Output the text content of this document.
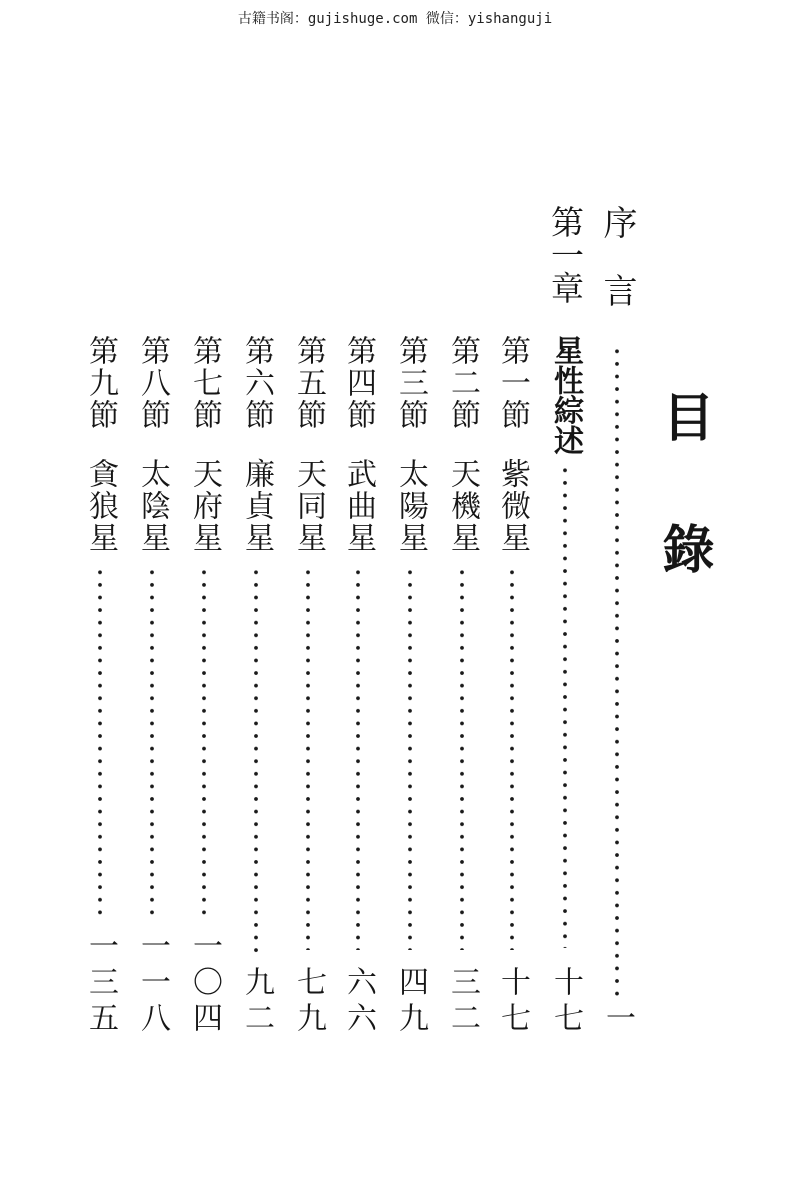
古籍书阁：gujishuge.com 微信：yishanguji
目錄
序言
一
第一章
星性綜述
十七
第一節
紫微星
十七
第二節
天機星
三二
第三節
太陽星
四九
第四節
武曲星
六六
第五節
天同星
七九
第六節
廉貞星
九二
第七節
天府星
一〇四
第八節
太陰星
一一八
第九節
貪狼星
一三五
